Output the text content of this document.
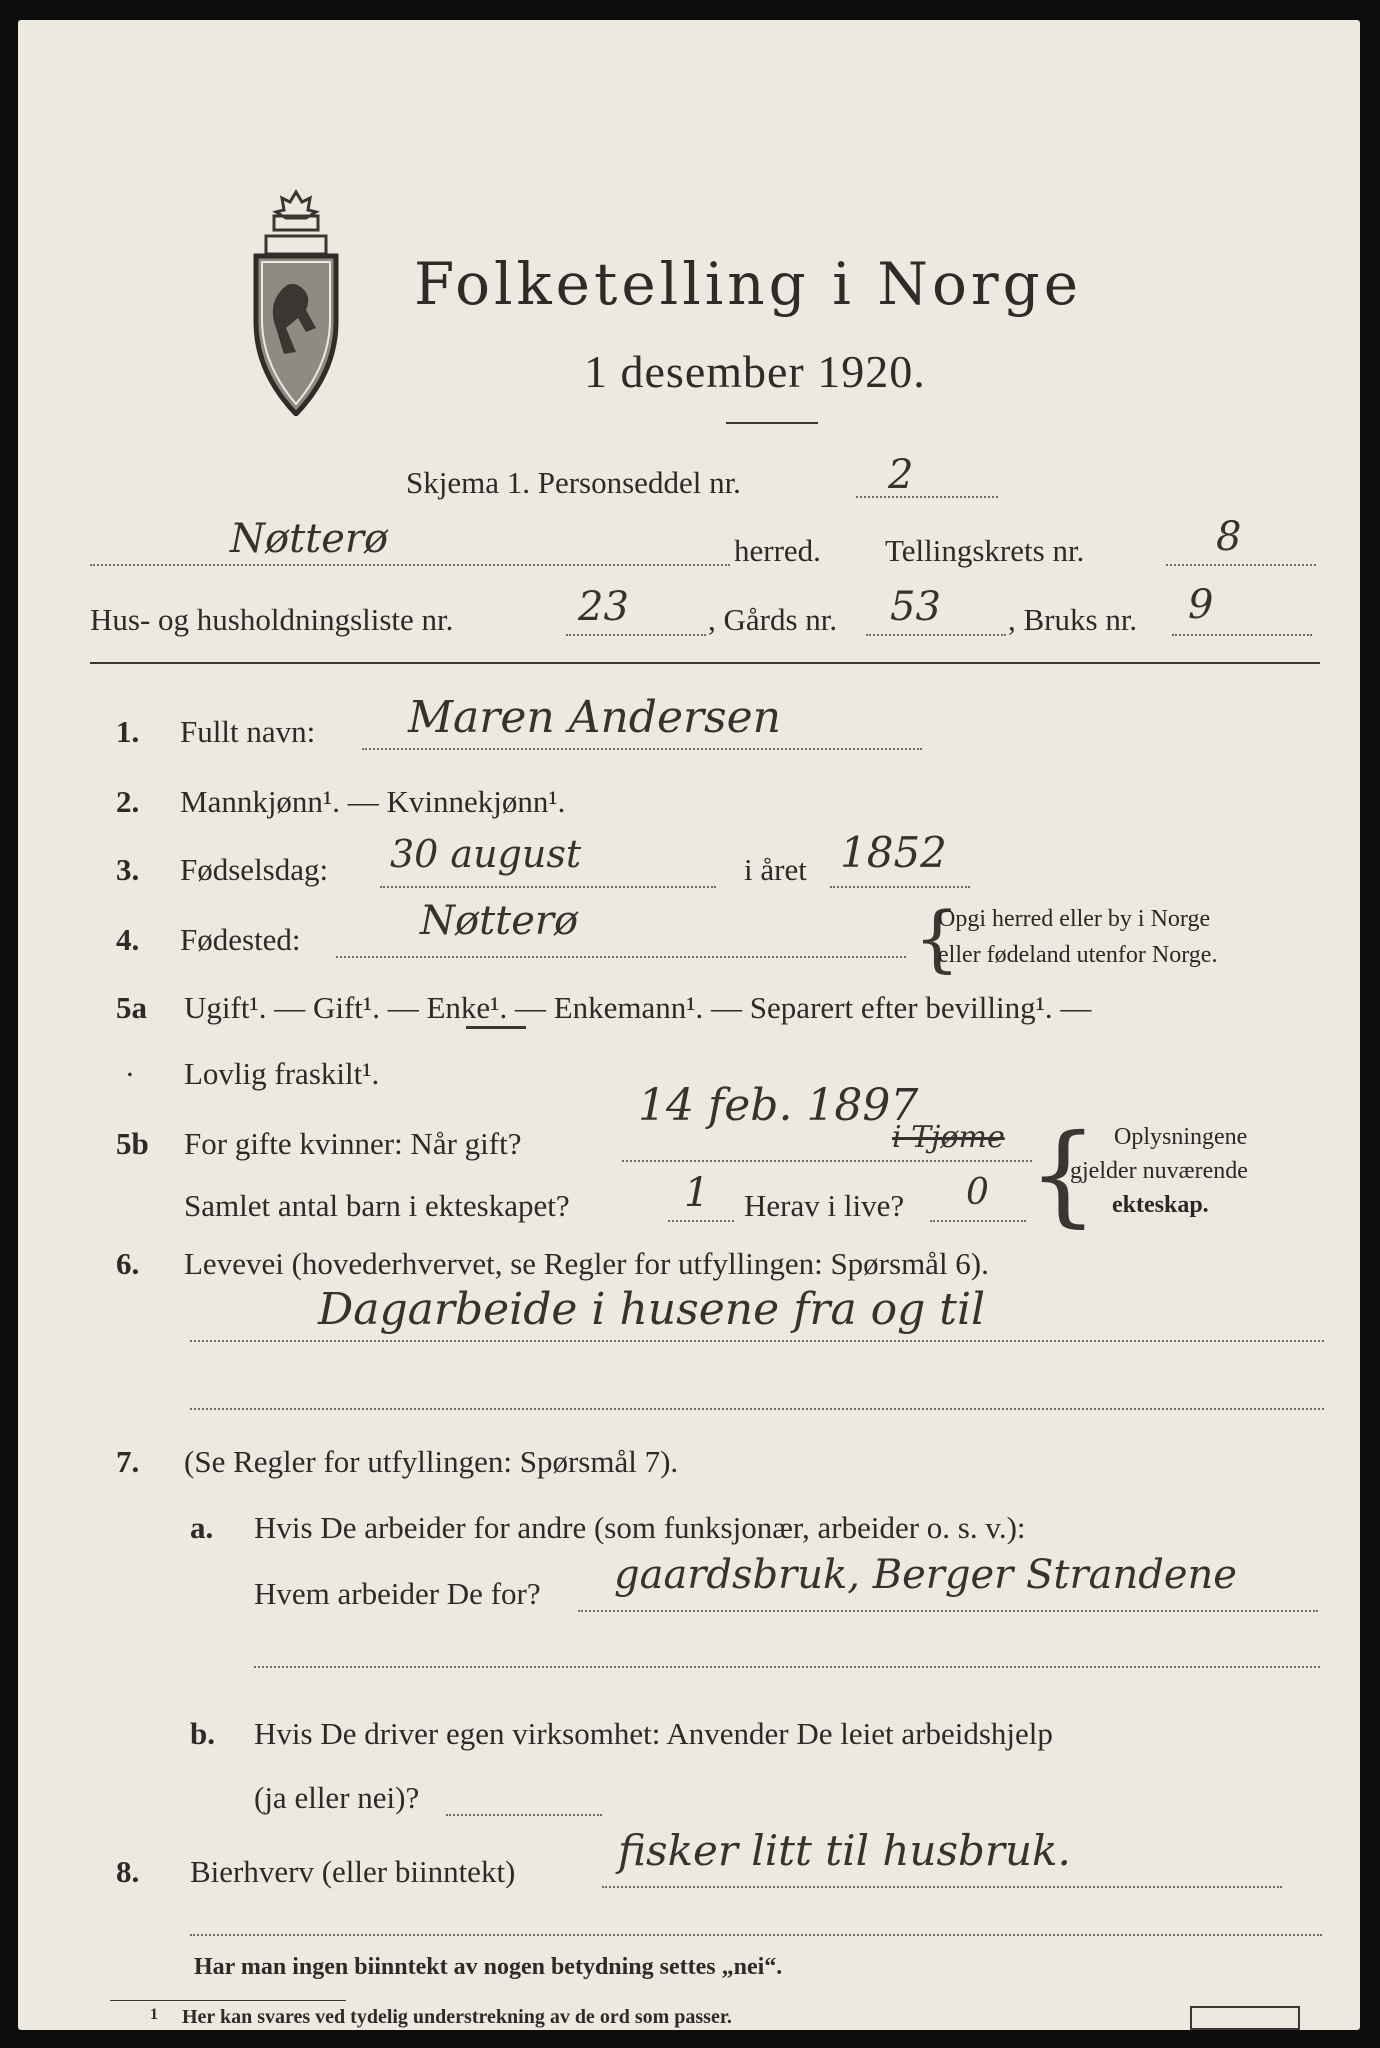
Folketelling i Norge
1 desember 1920.
Skjema 1. Personseddel nr.	2
Nøtterø	herred. Tellingskrets nr.	8
Hus- og husholdningsliste nr.	23	, Gårds nr. 53 , Bruks nr. 9
1. Fullt navn: Maren Andersen
2. Mannkjønn¹. — Kvinnekjønn¹.
3. Fødselsdag: 30 august	i året 1852
4. Fødested:	Nøtterø	{
Opgi herred eller by i Norge
eller fødeland utenfor Norge.
5a Ugift¹. — Gift¹. — Enke¹. — Enkemann¹. — Separert efter bevilling¹. —
. Lovlig fraskilt¹.
5b For gifte kvinner: Når gift?
14 feb. 1897
i Tjøme
Samlet antal barn i ekteskapet?	1 Herav i live? 0 { Oplysningene
gjelder nuværende
ekteskap.
6. Levevei (hovederhvervet, se Regler for utfyllingen: Spørsmål 6).
Dagarbeide i husene fra og til
7. (Se Regler for utfyllingen: Spørsmål 7).
a. Hvis De arbeider for andre (som funksjonær, arbeider o. s. v.):
Hvem arbeider De for? gaardsbruk, Berger Strandene
b. Hvis De driver egen virksomhet: Anvender De leiet arbeidshjelp
(ja eller nei)?
8. Bierhverv (eller biinntekt) fisker litt til husbruk.
Har man ingen biinntekt av nogen betydning settes „nei“.
1 Her kan svares ved tydelig understrekning av de ord som passer.
